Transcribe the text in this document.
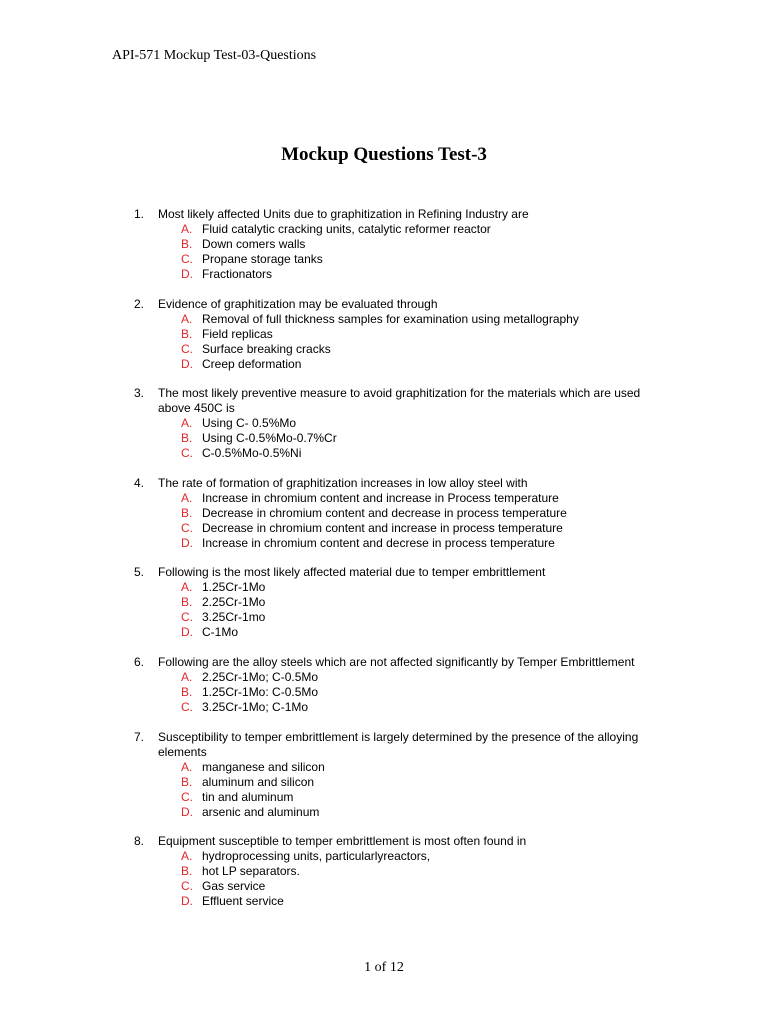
API-571 Mockup Test-03-Questions
Mockup Questions Test-3
1.	Most likely affected Units due to graphitization in Refining Industry are
A. Fluid catalytic cracking units, catalytic reformer reactor
B. Down comers walls
C. Propane storage tanks
D. Fractionators
2.	Evidence of graphitization may be evaluated through
A. Removal of full thickness samples for examination using metallography
B. Field replicas
C. Surface breaking cracks
D. Creep deformation
3.	The most likely preventive measure to avoid graphitization for the materials which are used above 450C is
A. Using C- 0.5%Mo
B. Using C-0.5%Mo-0.7%Cr
C. C-0.5%Mo-0.5%Ni
4.	The rate of formation of graphitization increases in low alloy steel with
A. Increase in chromium content and increase in Process temperature
B. Decrease in chromium content and decrease in process temperature
C. Decrease in chromium content and increase in process temperature
D. Increase in chromium content and decrese in process temperature
5.	Following is the most likely affected material due to temper embrittlement
A. 1.25Cr-1Mo
B. 2.25Cr-1Mo
C. 3.25Cr-1mo
D. C-1Mo
6.	Following are the alloy steels which are not affected significantly by Temper Embrittlement
A. 2.25Cr-1Mo; C-0.5Mo
B. 1.25Cr-1Mo: C-0.5Mo
C. 3.25Cr-1Mo; C-1Mo
7.	Susceptibility to temper embrittlement is largely determined by the presence of the alloying elements
A. manganese and silicon
B. aluminum and silicon
C. tin and aluminum
D. arsenic and aluminum
8.	Equipment susceptible to temper embrittlement is most often found in
A. hydroprocessing units, particularlyreactors,
B. hot LP separators.
C. Gas service
D. Effluent service
1 of 12
